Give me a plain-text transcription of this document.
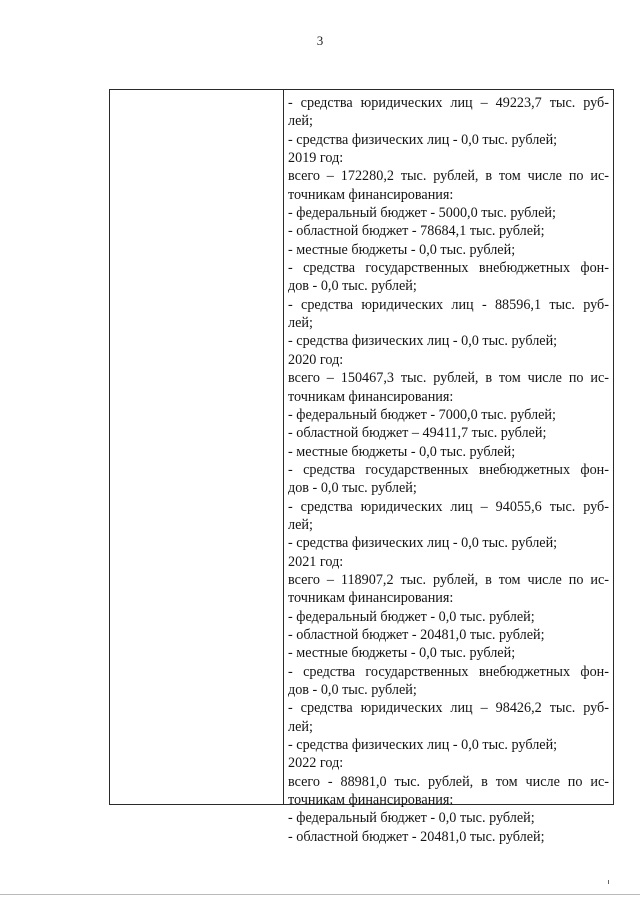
3
- средства юридических лиц – 49223,7 тыс. руб-
лей;
- средства физических лиц - 0,0 тыс. рублей;
2019 год:
всего – 172280,2 тыс. рублей, в том числе по ис-
точникам финансирования:
- федеральный бюджет - 5000,0 тыс. рублей;
- областной бюджет - 78684,1 тыс. рублей;
- местные бюджеты - 0,0 тыс. рублей;
- средства государственных внебюджетных фон-
дов - 0,0 тыс. рублей;
- средства юридических лиц - 88596,1 тыс. руб-
лей;
- средства физических лиц - 0,0 тыс. рублей;
2020 год:
всего – 150467,3 тыс. рублей, в том числе по ис-
точникам финансирования:
- федеральный бюджет - 7000,0 тыс. рублей;
- областной бюджет – 49411,7 тыс. рублей;
- местные бюджеты - 0,0 тыс. рублей;
- средства государственных внебюджетных фон-
дов - 0,0 тыс. рублей;
- средства юридических лиц – 94055,6 тыс. руб-
лей;
- средства физических лиц - 0,0 тыс. рублей;
2021 год:
всего – 118907,2 тыс. рублей, в том числе по ис-
точникам финансирования:
- федеральный бюджет - 0,0 тыс. рублей;
- областной бюджет - 20481,0 тыс. рублей;
- местные бюджеты - 0,0 тыс. рублей;
- средства государственных внебюджетных фон-
дов - 0,0 тыс. рублей;
- средства юридических лиц – 98426,2 тыс. руб-
лей;
- средства физических лиц - 0,0 тыс. рублей;
2022 год:
всего - 88981,0 тыс. рублей, в том числе по ис-
точникам финансирования:
- федеральный бюджет - 0,0 тыс. рублей;
- областной бюджет - 20481,0 тыс. рублей;
